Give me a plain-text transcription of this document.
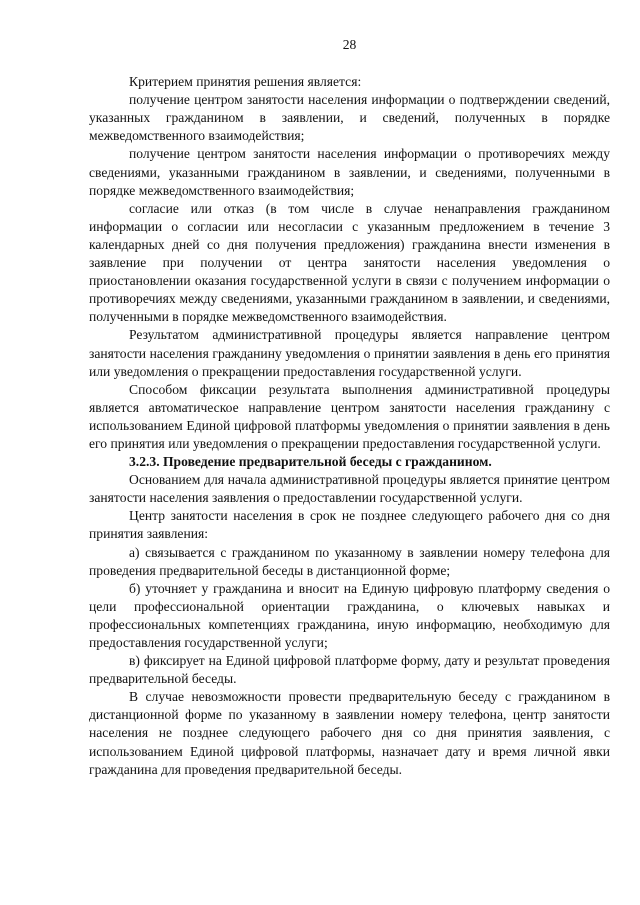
28

Критерием принятия решения является:

получение центром занятости населения информации о подтверждении сведений, указанных гражданином в заявлении, и сведений, полученных в порядке межведомственного взаимодействия;

получение центром занятости населения информации о противоречиях между сведениями, указанными гражданином в заявлении, и сведениями, полученными в порядке межведомственного взаимодействия;

согласие или отказ (в том числе в случае ненаправления гражданином информации о согласии или несогласии с указанным предложением в течение 3 календарных дней со дня получения предложения) гражданина внести изменения в заявление при получении от центра занятости населения уведомления о приостановлении оказания государственной услуги в связи с получением информации о противоречиях между сведениями, указанными гражданином в заявлении, и сведениями, полученными в порядке межведомственного взаимодействия.

Результатом административной процедуры является направление центром занятости населения гражданину уведомления о принятии заявления в день его принятия или уведомления о прекращении предоставления государственной услуги.

Способом фиксации результата выполнения административной процедуры является автоматическое направление центром занятости населения гражданину с использованием Единой цифровой платформы уведомления о принятии заявления в день его принятия или уведомления о прекращении предоставления государственной услуги.

3.2.3. Проведение предварительной беседы с гражданином.

Основанием для начала административной процедуры является принятие центром занятости населения заявления о предоставлении государственной услуги.

Центр занятости населения в срок не позднее следующего рабочего дня со дня принятия заявления:

а) связывается с гражданином по указанному в заявлении номеру телефона для проведения предварительной беседы в дистанционной форме;

б) уточняет у гражданина и вносит на Единую цифровую платформу сведения о цели профессиональной ориентации гражданина, о ключевых навыках и профессиональных компетенциях гражданина, иную информацию, необходимую для предоставления государственной услуги;

в) фиксирует на Единой цифровой платформе форму, дату и результат проведения предварительной беседы.

В случае невозможности провести предварительную беседу с гражданином в дистанционной форме по указанному в заявлении номеру телефона, центр занятости населения не позднее следующего рабочего дня со дня принятия заявления, с использованием Единой цифровой платформы, назначает дату и время личной явки гражданина для проведения предварительной беседы.
